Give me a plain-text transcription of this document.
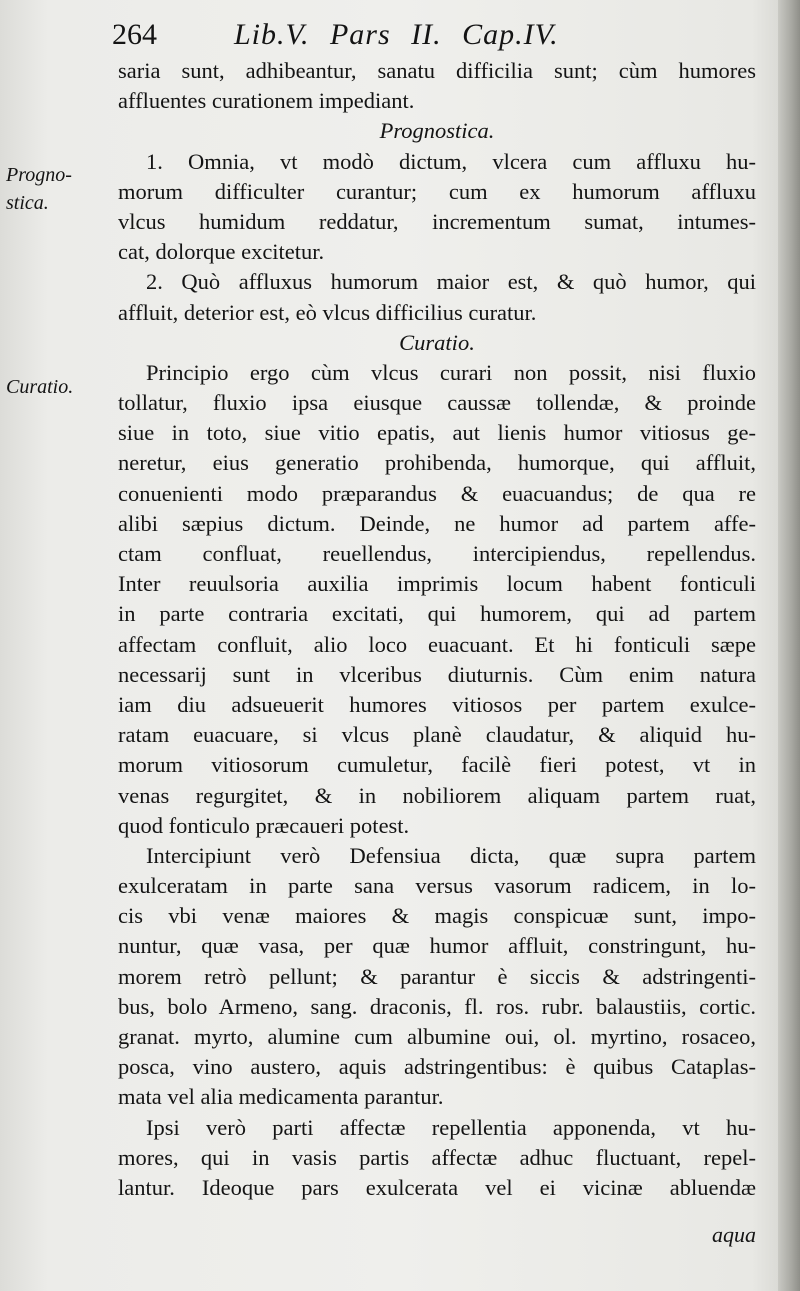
264	Lib.V. Pars II. Cap.IV.
Progno-
stica.
Curatio.
saria sunt, adhibeantur, sanatu difficilia sunt; cùm humores
affluentes curationem impediant.
Prognostica.
1. Omnia, vt modò dictum, vlcera cum affluxu hu-
morum difficulter curantur; cum ex humorum affluxu
vlcus humidum reddatur, incrementum sumat, intumes-
cat, dolorque excitetur.
2. Quò affluxus humorum maior est, & quò humor, qui
affluit, deterior est, eò vlcus difficilius curatur.
Curatio.
Principio ergo cùm vlcus curari non possit, nisi fluxio
tollatur, fluxio ipsa eiusque caussæ tollendæ, & proinde
siue in toto, siue vitio epatis, aut lienis humor vitiosus ge-
neretur, eius generatio prohibenda, humorque, qui affluit,
conuenienti modo præparandus & euacuandus; de qua re
alibi sæpius dictum. Deinde, ne humor ad partem affe-
ctam confluat, reuellendus, intercipiendus, repellendus.
Inter reuulsoria auxilia imprimis locum habent fonticuli
in parte contraria excitati, qui humorem, qui ad partem
affectam confluit, alio loco euacuant. Et hi fonticuli sæpe
necessarij sunt in vlceribus diuturnis. Cùm enim natura
iam diu adsueuerit humores vitiosos per partem exulce-
ratam euacuare, si vlcus planè claudatur, & aliquid hu-
morum vitiosorum cumuletur, facilè fieri potest, vt in
venas regurgitet, & in nobiliorem aliquam partem ruat,
quod fonticulo præcaueri potest.
Intercipiunt verò Defensiua dicta, quæ supra partem
exulceratam in parte sana versus vasorum radicem, in lo-
cis vbi venæ maiores & magis conspicuæ sunt, impo-
nuntur, quæ vasa, per quæ humor affluit, constringunt, hu-
morem retrò pellunt; & parantur è siccis & adstringenti-
bus, bolo Armeno, sang. draconis, fl. ros. rubr. balaustiis, cortic.
granat. myrto, alumine cum albumine oui, ol. myrtino, rosaceo,
posca, vino austero, aquis adstringentibus: è quibus Cataplas-
mata vel alia medicamenta parantur.
Ipsi verò parti affectæ repellentia apponenda, vt hu-
mores, qui in vasis partis affectæ adhuc fluctuant, repel-
lantur. Ideoque pars exulcerata vel ei vicinæ abluendæ
aqua
